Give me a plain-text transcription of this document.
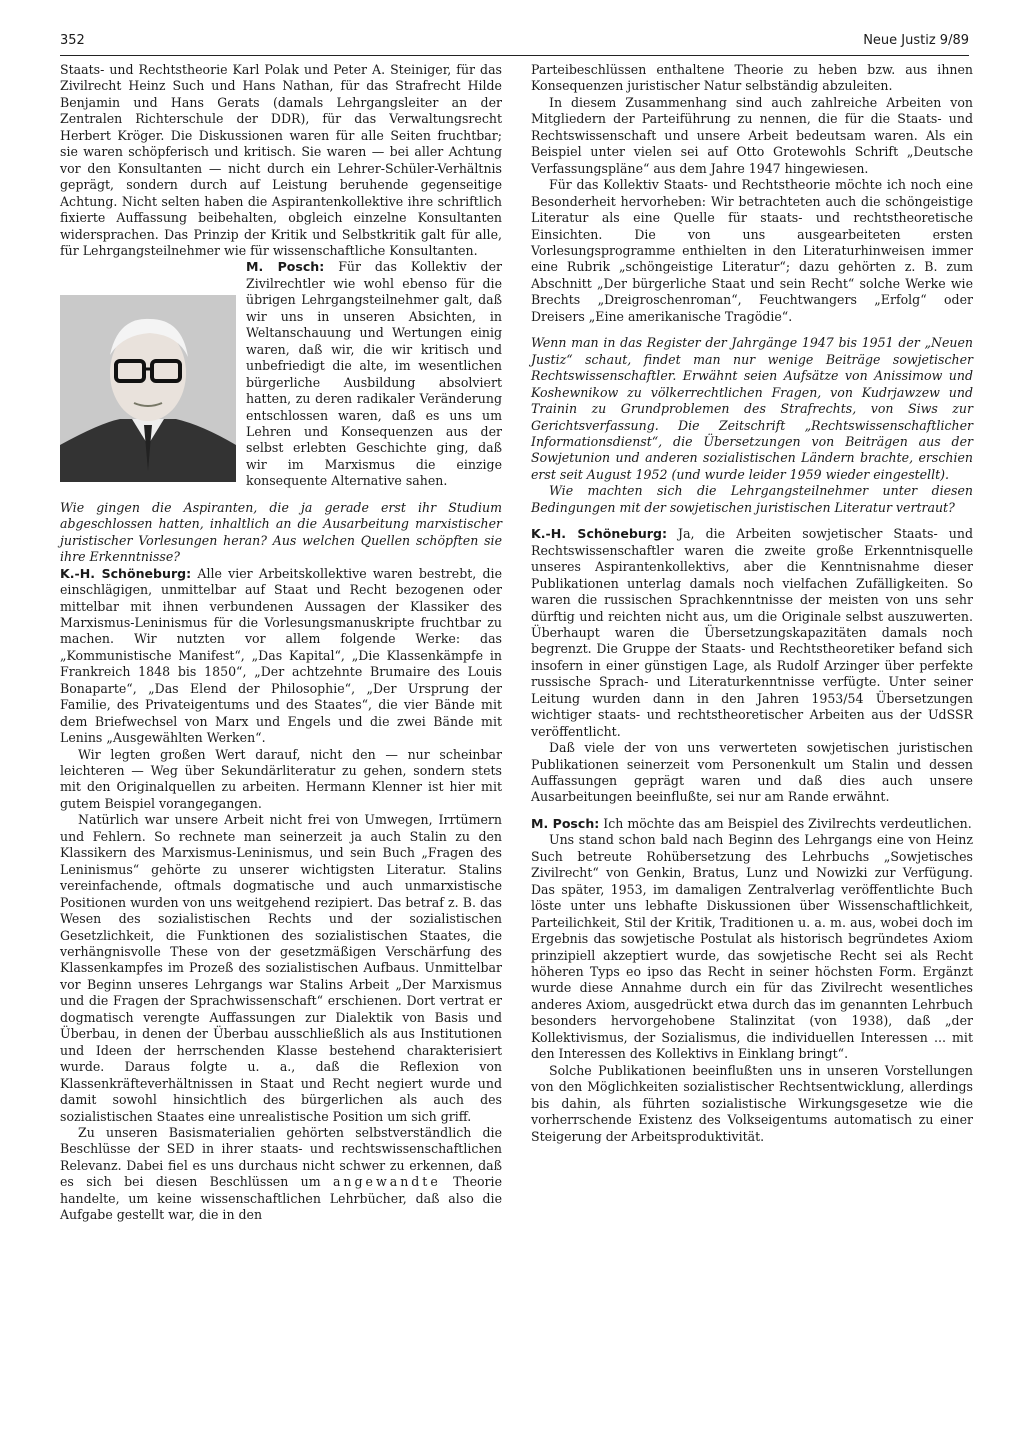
352	Neue Justiz 9/89

Staats- und Rechtstheorie Karl Polak und Peter A. Steiniger, für das Zivilrecht Heinz Such und Hans Nathan, für das Strafrecht Hilde Benjamin und Hans Gerats (damals Lehrgangsleiter an der Zentralen Richterschule der DDR), für das Verwaltungsrecht Herbert Kröger. Die Diskussionen waren für alle Seiten fruchtbar; sie waren schöpferisch und kritisch. Sie waren — bei aller Achtung vor den Konsultanten — nicht durch ein Lehrer-Schüler-Verhältnis geprägt, sondern durch auf Leistung beruhende gegenseitige Achtung. Nicht selten haben die Aspirantenkollektive ihre schriftlich fixierte Auffassung beibehalten, obgleich einzelne Konsultanten widersprachen. Das Prinzip der Kritik und Selbstkritik galt für alle, für Lehrgangsteilnehmer wie für wissenschaftliche Konsultanten.

M. Posch: Für das Kollektiv der Zivilrechtler wie wohl ebenso für die übrigen Lehrgangsteilnehmer galt, daß wir uns in unseren Absichten, in Weltanschauung und Wertungen einig waren, daß wir, die wir kritisch und unbefriedigt die alte, im wesentlichen bürgerliche Ausbildung absolviert hatten, zu deren radikaler Veränderung entschlossen waren, daß es uns um Lehren und Konsequenzen aus der selbst erlebten Geschichte ging, daß wir im Marxismus die einzige konsequente Alternative sahen.

Parteibeschlüssen enthaltene Theorie zu heben bzw. aus ihnen Konsequenzen juristischer Natur selbständig abzuleiten.

In diesem Zusammenhang sind auch zahlreiche Arbeiten von Mitgliedern der Parteiführung zu nennen, die für die Staats- und Rechtswissenschaft und unsere Arbeit bedeutsam waren. Als ein Beispiel unter vielen sei auf Otto Grotewohls Schrift „Deutsche Verfassungspläne“ aus dem Jahre 1947 hingewiesen.

Für das Kollektiv Staats- und Rechtstheorie möchte ich noch eine Besonderheit hervorheben: Wir betrachteten auch die schöngeistige Literatur als eine Quelle für staats- und rechtstheoretische Einsichten. Die von uns ausgearbeiteten ersten Vorlesungsprogramme enthielten in den Literaturhinweisen immer eine Rubrik „schöngeistige Literatur“; dazu gehörten z. B. zum Abschnitt „Der bürgerliche Staat und sein Recht“ solche Werke wie Brechts „Dreigroschenroman“, Feuchtwangers „Erfolg“ oder Dreisers „Eine amerikanische Tragödie“.

Wenn man in das Register der Jahrgänge 1947 bis 1951 der „Neuen Justiz“ schaut, findet man nur wenige Beiträge sowjetischer Rechtswissenschaftler. Erwähnt seien Aufsätze von Anissimow und Koshewnikow zu völkerrechtlichen Fragen, von Kudrjawzew und Trainin zu Grundproblemen des Strafrechts, von Siws zur Gerichtsverfassung. Die Zeitschrift „Rechtswissenschaftlicher Informationsdienst“, die Übersetzungen von Beiträgen aus der Sowjetunion und anderen sozialistischen Ländern brachte, erschien erst seit August 1952 (und wurde leider 1959 wieder eingestellt).

Wie machten sich die Lehrgangsteilnehmer unter diesen Bedingungen mit der sowjetischen juristischen Literatur vertraut?

K.-H. Schöneburg: Ja, die Arbeiten sowjetischer Staats- und Rechtswissenschaftler waren die zweite große Erkenntnisquelle unseres Aspirantenkollektivs, aber die Kenntnisnahme dieser Publikationen unterlag damals noch vielfachen Zufälligkeiten. So waren die russischen Sprachkenntnisse der meisten von uns sehr dürftig und reichten nicht aus, um die Originale selbst auszuwerten. Überhaupt waren die Übersetzungskapazitäten damals noch begrenzt. Die Gruppe der Staats- und Rechtstheoretiker befand sich insofern in einer günstigen Lage, als Rudolf Arzinger über perfekte russische Sprach- und Literaturkenntnisse verfügte. Unter seiner Leitung wurden dann in den Jahren 1953/54 Übersetzungen wichtiger staats- und rechtstheoretischer Arbeiten aus der UdSSR veröffentlicht.

Daß viele der von uns verwerteten sowjetischen juristischen Publikationen seinerzeit vom Personenkult um Stalin und dessen Auffassungen geprägt waren und daß dies auch unsere Ausarbeitungen beeinflußte, sei nur am Rande erwähnt.

M. Posch: Ich möchte das am Beispiel des Zivilrechts verdeutlichen.

Uns stand schon bald nach Beginn des Lehrgangs eine von Heinz Such betreute Rohübersetzung des Lehrbuchs „Sowjetisches Zivilrecht“ von Genkin, Bratus, Lunz und Nowizki zur Verfügung. Das später, 1953, im damaligen Zentralverlag veröffentlichte Buch löste unter uns lebhafte Diskussionen über Wissenschaftlichkeit, Parteilichkeit, Stil der Kritik, Traditionen u. a. m. aus, wobei doch im Ergebnis das sowjetische Postulat als historisch begründetes Axiom prinzipiell akzeptiert wurde, das sowjetische Recht sei als Recht höheren Typs eo ipso das Recht in seiner höchsten Form. Ergänzt wurde diese Annahme durch ein für das Zivilrecht wesentliches anderes Axiom, ausgedrückt etwa durch das im genannten Lehrbuch besonders hervorgehobene Stalinzitat (von 1938), daß „der Kollektivismus, der Sozialismus, die individuellen Interessen ... mit den Interessen des Kollektivs in Einklang bringt“.

Solche Publikationen beeinflußten uns in unseren Vorstellungen von den Möglichkeiten sozialistischer Rechtsentwicklung, allerdings bis dahin, als führten sozialistische Wirkungsgesetze wie die vorherrschende Existenz des Volkseigentums automatisch zu einer Steigerung der Arbeitsproduktivität.

Wie gingen die Aspiranten, die ja gerade erst ihr Studium abgeschlossen hatten, inhaltlich an die Ausarbeitung marxistischer juristischer Vorlesungen heran? Aus welchen Quellen schöpften sie ihre Erkenntnisse?

K.-H. Schöneburg: Alle vier Arbeitskollektive waren bestrebt, die einschlägigen, unmittelbar auf Staat und Recht bezogenen oder mittelbar mit ihnen verbundenen Aussagen der Klassiker des Marxismus-Leninismus für die Vorlesungsmanuskripte fruchtbar zu machen. Wir nutzten vor allem folgende Werke: das „Kommunistische Manifest“, „Das Kapital“, „Die Klassenkämpfe in Frankreich 1848 bis 1850“, „Der achtzehnte Brumaire des Louis Bonaparte“, „Das Elend der Philosophie“, „Der Ursprung der Familie, des Privateigentums und des Staates“, die vier Bände mit dem Briefwechsel von Marx und Engels und die zwei Bände mit Lenins „Ausgewählten Werken“.

Wir legten großen Wert darauf, nicht den — nur scheinbar leichteren — Weg über Sekundärliteratur zu gehen, sondern stets mit den Originalquellen zu arbeiten. Hermann Klenner ist hier mit gutem Beispiel vorangegangen.

Natürlich war unsere Arbeit nicht frei von Umwegen, Irrtümern und Fehlern. So rechnete man seinerzeit ja auch Stalin zu den Klassikern des Marxismus-Leninismus, und sein Buch „Fragen des Leninismus“ gehörte zu unserer wichtigsten Literatur. Stalins vereinfachende, oftmals dogmatische und auch unmarxistische Positionen wurden von uns weitgehend rezipiert. Das betraf z. B. das Wesen des sozialistischen Rechts und der sozialistischen Gesetzlichkeit, die Funktionen des sozialistischen Staates, die verhängnisvolle These von der gesetzmäßigen Verschärfung des Klassenkampfes im Prozeß des sozialistischen Aufbaus. Unmittelbar vor Beginn unseres Lehrgangs war Stalins Arbeit „Der Marxismus und die Fragen der Sprachwissenschaft“ erschienen. Dort vertrat er dogmatisch verengte Auffassungen zur Dialektik von Basis und Überbau, in denen der Überbau ausschließlich als aus Institutionen und Ideen der herrschenden Klasse bestehend charakterisiert wurde. Daraus folgte u. a., daß die Reflexion von Klassenkräfteverhältnissen in Staat und Recht negiert wurde und damit sowohl hinsichtlich des bürgerlichen als auch des sozialistischen Staates eine unrealistische Position um sich griff.

Zu unseren Basismaterialien gehörten selbstverständlich die Beschlüsse der SED in ihrer staats- und rechtswissenschaftlichen Relevanz. Dabei fiel es uns durchaus nicht schwer zu erkennen, daß es sich bei diesen Beschlüssen um angewandte Theorie handelte, um keine wissenschaftlichen Lehrbücher, daß also die Aufgabe gestellt war, die in den
